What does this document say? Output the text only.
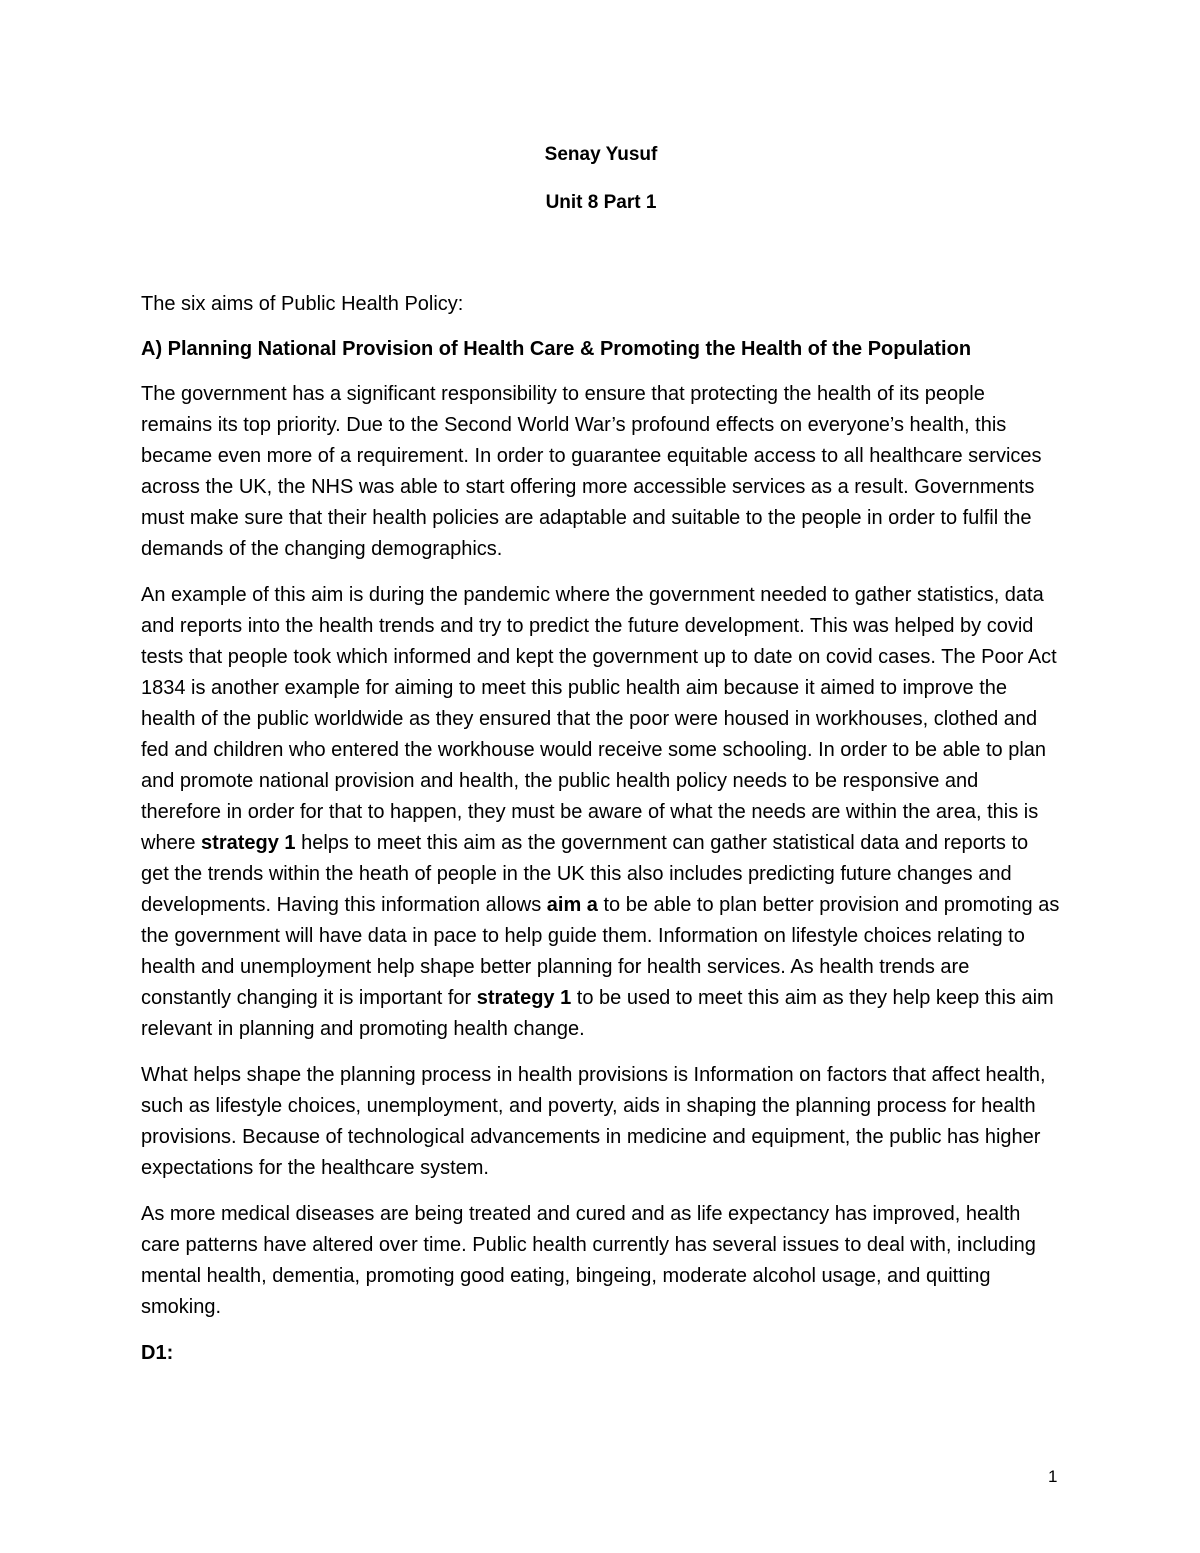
Senay Yusuf

Unit 8 Part 1

The six aims of Public Health Policy:

A) Planning National Provision of Health Care & Promoting the Health of the Population

The government has a significant responsibility to ensure that protecting the health of its people remains its top priority. Due to the Second World War’s profound effects on everyone’s health, this became even more of a requirement. In order to guarantee equitable access to all healthcare services across the UK, the NHS was able to start offering more accessible services as a result. Governments must make sure that their health policies are adaptable and suitable to the people in order to fulfil the demands of the changing demographics.

An example of this aim is during the pandemic where the government needed to gather statistics, data and reports into the health trends and try to predict the future development. This was helped by covid tests that people took which informed and kept the government up to date on covid cases. The Poor Act 1834 is another example for aiming to meet this public health aim because it aimed to improve the health of the public worldwide as they ensured that the poor were housed in workhouses, clothed and fed and children who entered the workhouse would receive some schooling. In order to be able to plan and promote national provision and health, the public health policy needs to be responsive and therefore in order for that to happen, they must be aware of what the needs are within the area, this is where strategy 1 helps to meet this aim as the government can gather statistical data and reports to get the trends within the heath of people in the UK this also includes predicting future changes and developments. Having this information allows aim a to be able to plan better provision and promoting as the government will have data in pace to help guide them. Information on lifestyle choices relating to health and unemployment help shape better planning for health services. As health trends are constantly changing it is important for strategy 1 to be used to meet this aim as they help keep this aim relevant in planning and promoting health change.

What helps shape the planning process in health provisions is Information on factors that affect health, such as lifestyle choices, unemployment, and poverty, aids in shaping the planning process for health provisions. Because of technological advancements in medicine and equipment, the public has higher expectations for the healthcare system.

As more medical diseases are being treated and cured and as life expectancy has improved, health care patterns have altered over time. Public health currently has several issues to deal with, including mental health, dementia, promoting good eating, bingeing, moderate alcohol usage, and quitting smoking.

D1:

1
